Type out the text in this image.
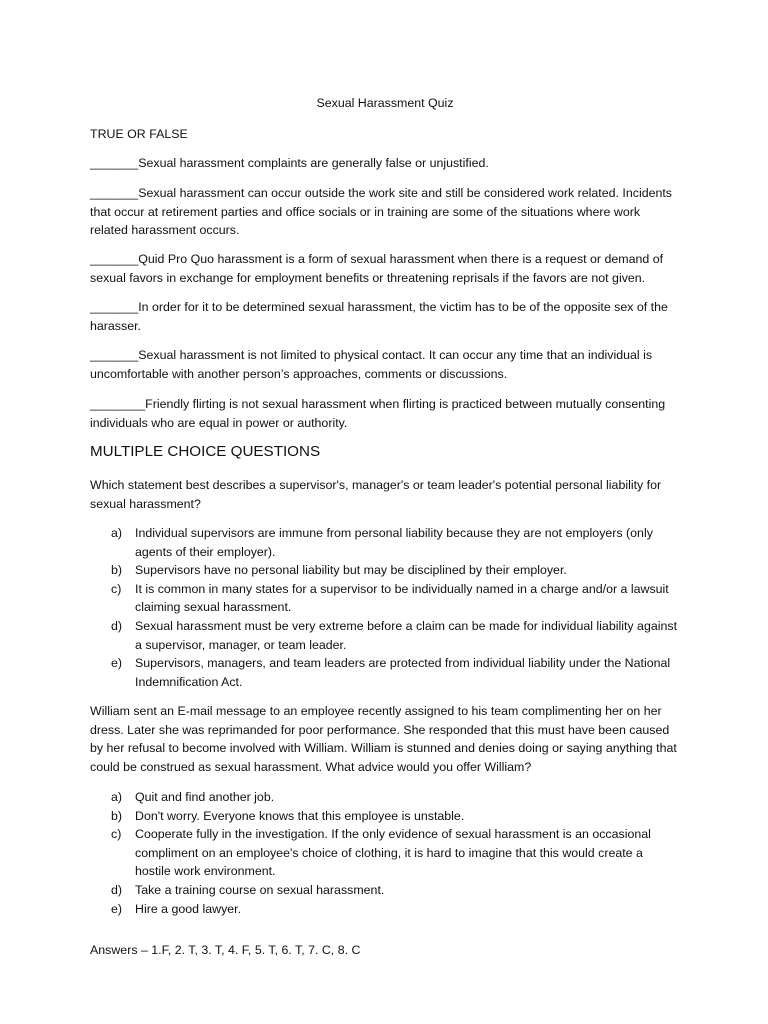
Sexual Harassment Quiz
TRUE OR FALSE

_______Sexual harassment complaints are generally false or unjustified.

_______Sexual harassment can occur outside the work site and still be considered work related. Incidents that occur at retirement parties and office socials or in training are some of the situations where work related harassment occurs.

_______Quid Pro Quo harassment is a form of sexual harassment when there is a request or demand of sexual favors in exchange for employment benefits or threatening reprisals if the favors are not given.

_______In order for it to be determined sexual harassment, the victim has to be of the opposite sex of the harasser.

_______Sexual harassment is not limited to physical contact. It can occur any time that an individual is uncomfortable with another person’s approaches, comments or discussions.

________Friendly flirting is not sexual harassment when flirting is practiced between mutually consenting individuals who are equal in power or authority.

MULTIPLE CHOICE QUESTIONS

Which statement best describes a supervisor's, manager's or team leader's potential personal liability for sexual harassment?

a) Individual supervisors are immune from personal liability because they are not employers (only agents of their employer).
b) Supervisors have no personal liability but may be disciplined by their employer.
c) It is common in many states for a supervisor to be individually named in a charge and/or a lawsuit claiming sexual harassment.
d) Sexual harassment must be very extreme before a claim can be made for individual liability against a supervisor, manager, or team leader.
e) Supervisors, managers, and team leaders are protected from individual liability under the National Indemnification Act.

William sent an E-mail message to an employee recently assigned to his team complimenting her on her dress. Later she was reprimanded for poor performance. She responded that this must have been caused by her refusal to become involved with William. William is stunned and denies doing or saying anything that could be construed as sexual harassment. What advice would you offer William?

a) Quit and find another job.
b) Don't worry. Everyone knows that this employee is unstable.
c) Cooperate fully in the investigation. If the only evidence of sexual harassment is an occasional compliment on an employee's choice of clothing, it is hard to imagine that this would create a hostile work environment.
d) Take a training course on sexual harassment.
e) Hire a good lawyer.

Answers – 1.F, 2. T, 3. T, 4. F, 5. T, 6. T, 7. C, 8. C
